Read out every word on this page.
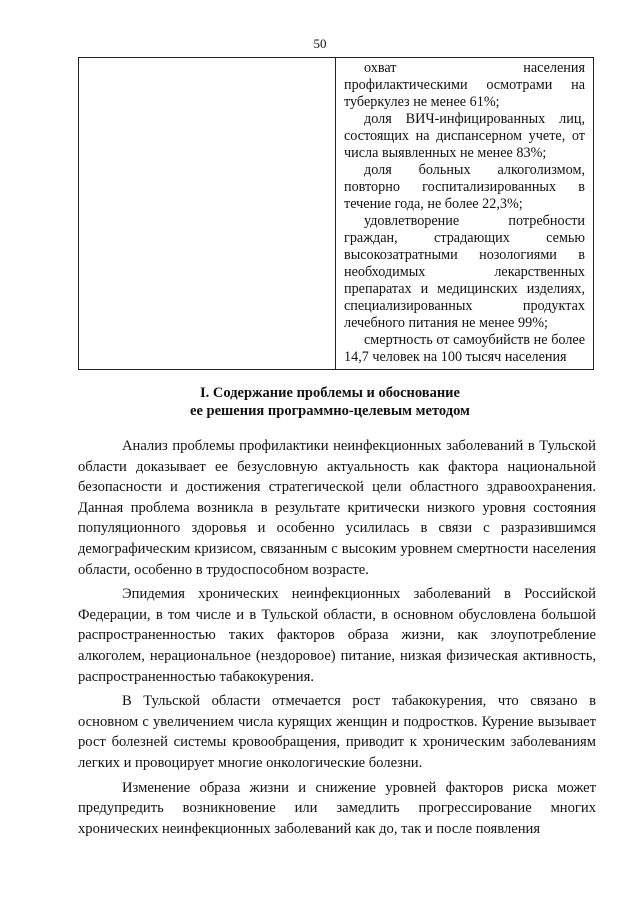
50

охват населения профилактическими осмотрами на туберкулез не менее 61%;

доля ВИЧ-инфицированных лиц, состоящих на диспансерном учете, от числа выявленных не менее 83%;

доля больных алкоголизмом, повторно госпитализированных в течение года, не более 22,3%;

удовлетворение потребности граждан, страдающих семью высокозатратными нозологиями в необходимых лекарственных препаратах и медицинских изделиях, специализированных продуктах лечебного питания не менее 99%;

смертность от самоубийств не более 14,7 человек на 100 тысяч населения

I. Содержание проблемы и обоснование
ее решения программно-целевым методом

Анализ проблемы профилактики неинфекционных заболеваний в Тульской области доказывает ее безусловную актуальность как фактора национальной безопасности и достижения стратегической цели областного здравоохранения. Данная проблема возникла в результате критически низкого уровня состояния популяционного здоровья и особенно усилилась в связи с разразившимся демографическим кризисом, связанным с высоким уровнем смертности населения области, особенно в трудоспособном возрасте.

Эпидемия хронических неинфекционных заболеваний в Российской Федерации, в том числе и в Тульской области, в основном обусловлена большой распространенностью таких факторов образа жизни, как злоупотребление алкоголем, нерациональное (нездоровое) питание, низкая физическая активность, распространенностью табакокурения.

В Тульской области отмечается рост табакокурения, что связано в основном с увеличением числа курящих женщин и подростков. Курение вызывает рост болезней системы кровообращения, приводит к хроническим заболеваниям легких и провоцирует многие онкологические болезни.

Изменение образа жизни и снижение уровней факторов риска может предупредить возникновение или замедлить прогрессирование многих хронических неинфекционных заболеваний как до, так и после появления
